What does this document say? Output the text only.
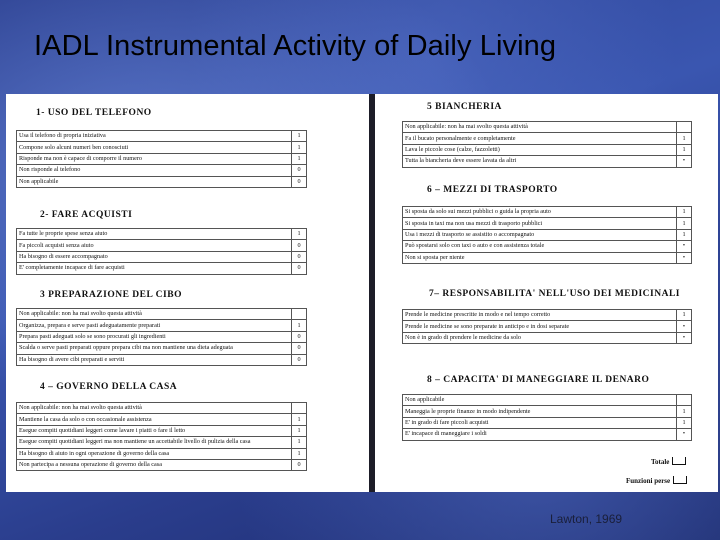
IADL Instrumental Activity of Daily Living
1- USO DEL TELEFONO
Usa il telefono di propria iniziativa	1
Compone solo alcuni numeri ben conosciuti	1
Risponde ma non è capace di comporre il numero	1
Non risponde al telefono	0
Non applicabile	0
2- FARE ACQUISTI
Fa tutte le proprie spese senza aiuto	1
Fa piccoli acquisti senza aiuto	0
Ha bisogno di essere accompagnato	0
E' completamente incapace di fare acquisti	0
3 PREPARAZIONE DEL CIBO
Non applicabile: non ha mai svolto questa attività	
Organizza, prepara e serve pasti adeguatamente preparati	1
Prepara pasti adeguati solo se sono procurati gli ingredienti	0
Scalda o serve pasti preparati oppure prepara cibi ma non mantiene una dieta adeguata	0
Ha bisogno di avere cibi preparati e serviti	0
4 – GOVERNO DELLA CASA
Non applicabile: non ha mai svolto questa attività	
Mantiene la casa da solo o con occasionale assistenza	1
Esegue compiti quotidiani leggeri come lavare i piatti o fare il letto	1
Esegue compiti quotidiani leggeri ma non mantiene un accettabile livello di pulizia della casa	1
Ha bisogno di aiuto in ogni operazione di governo della casa	1
Non partecipa a nessuna operazione di governo della casa	0
5 BIANCHERIA
Non applicabile: non ha mai svolto questa attività	
Fa il bucato personalmente e completamente	1
Lava le piccole cose (calze, fazzoletti)	1
Tutta la biancheria deve essere lavata da altri	•
6 – MEZZI DI TRASPORTO
Si sposta da solo sui mezzi pubblici o guida la propria auto	1
Si sposta in taxi ma non usa mezzi di trasporto pubblici	1
Usa i mezzi di trasporto se assistito o accompagnato	1
Può spostarsi solo con taxi o auto e con assistenza totale	•
Non si sposta per niente	•
7– RESPONSABILITA' NELL'USO DEI MEDICINALI
Prende le medicine prescritte in modo e nel tempo corretto	1
Prende le medicine se sono preparate in anticipo e in dosi separate	•
Non è in grado di prendere le medicine da solo	•
8 – CAPACITA' DI MANEGGIARE IL DENARO
Non applicabile	
Maneggia le proprie finanze in modo indipendente	1
E' in grado di fare piccoli acquisti	1
E' incapace di maneggiare i soldi	•
Totale
Funzioni perse
Lawton, 1969
